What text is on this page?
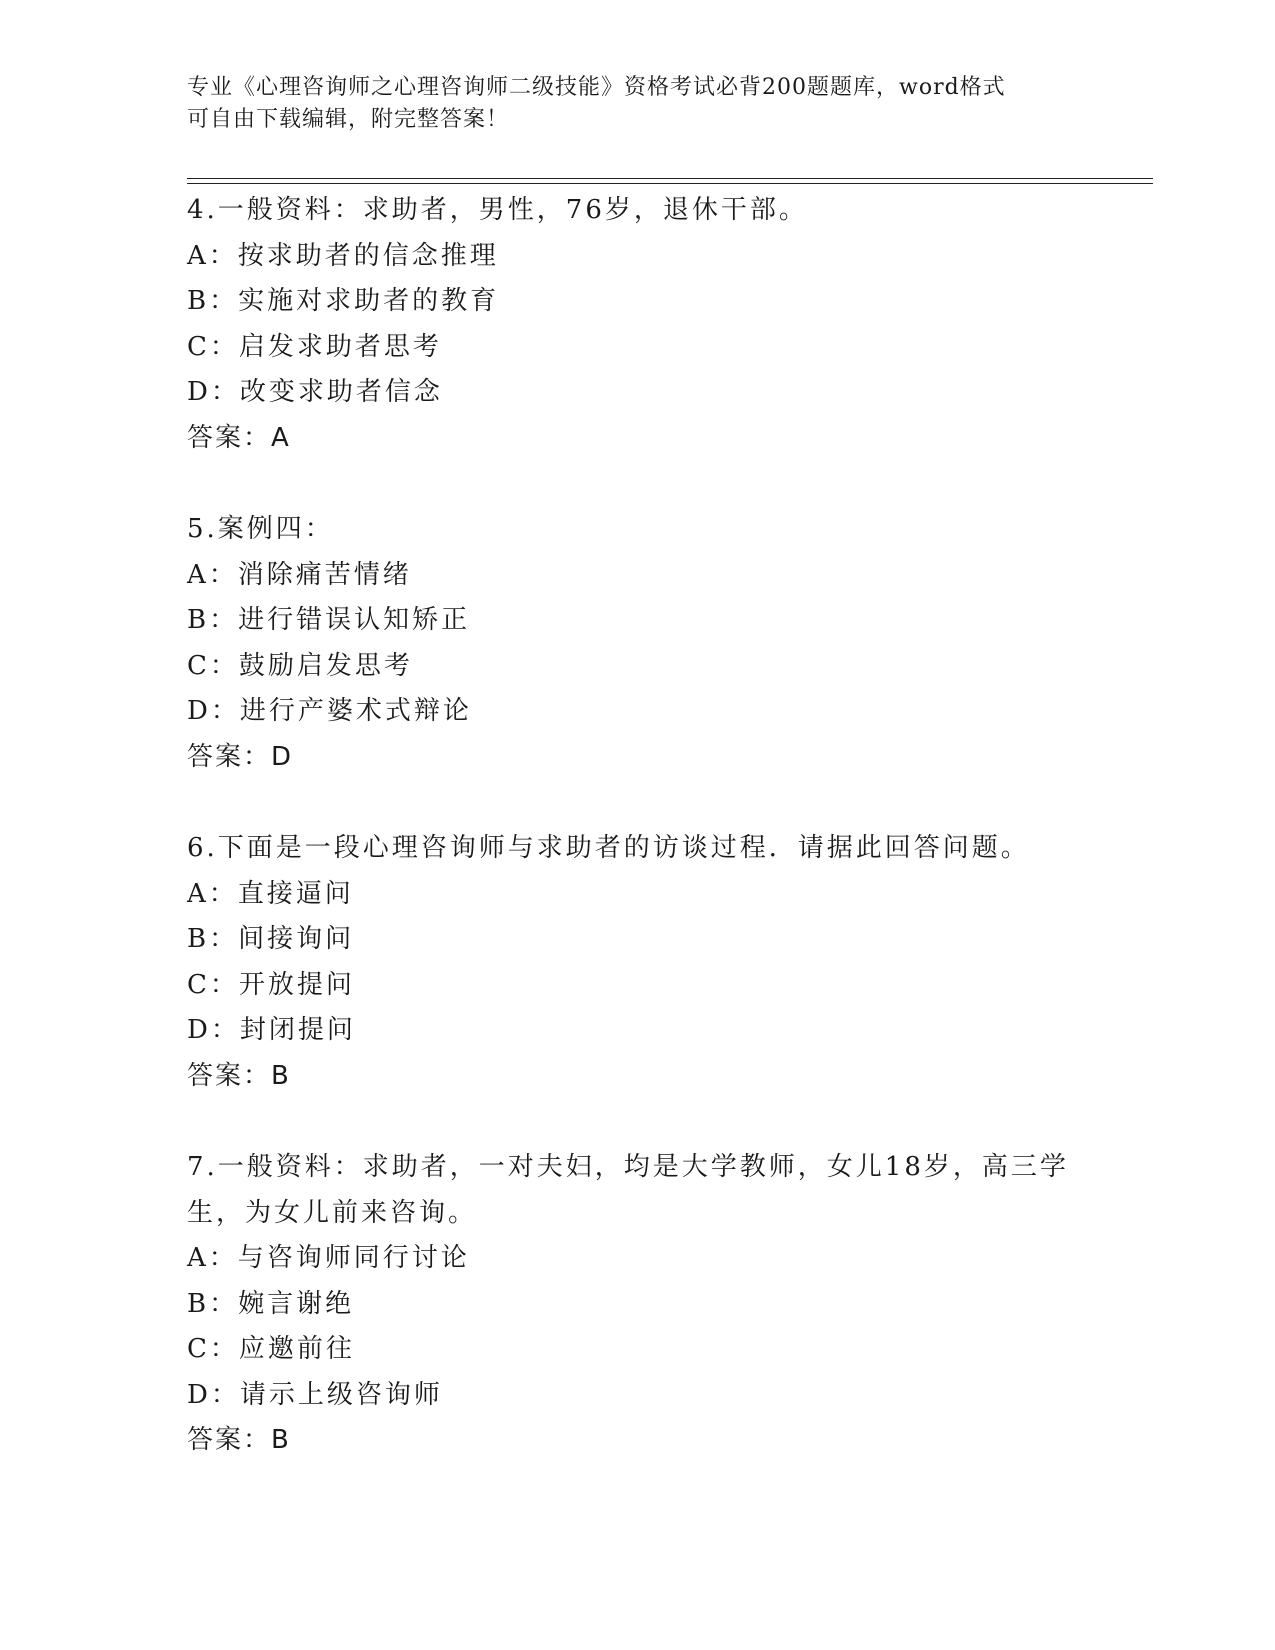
专业《心理咨询师之心理咨询师二级技能》资格考试必背200题题库，word格式
可自由下载编辑，附完整答案！
4.一般资料：求助者，男性，76岁，退休干部。
A：按求助者的信念推理
B：实施对求助者的教育
C：启发求助者思考
D：改变求助者信念
答案：A
5.案例四：
A：消除痛苦情绪
B：进行错误认知矫正
C：鼓励启发思考
D：进行产婆术式辩论
答案：D
6.下面是一段心理咨询师与求助者的访谈过程．请据此回答问题。
A：直接逼问
B：间接询问
C：开放提问
D：封闭提问
答案：B
7.一般资料：求助者，一对夫妇，均是大学教师，女儿18岁，高三学
生，为女儿前来咨询。
A：与咨询师同行讨论
B：婉言谢绝
C：应邀前往
D：请示上级咨询师
答案：B
